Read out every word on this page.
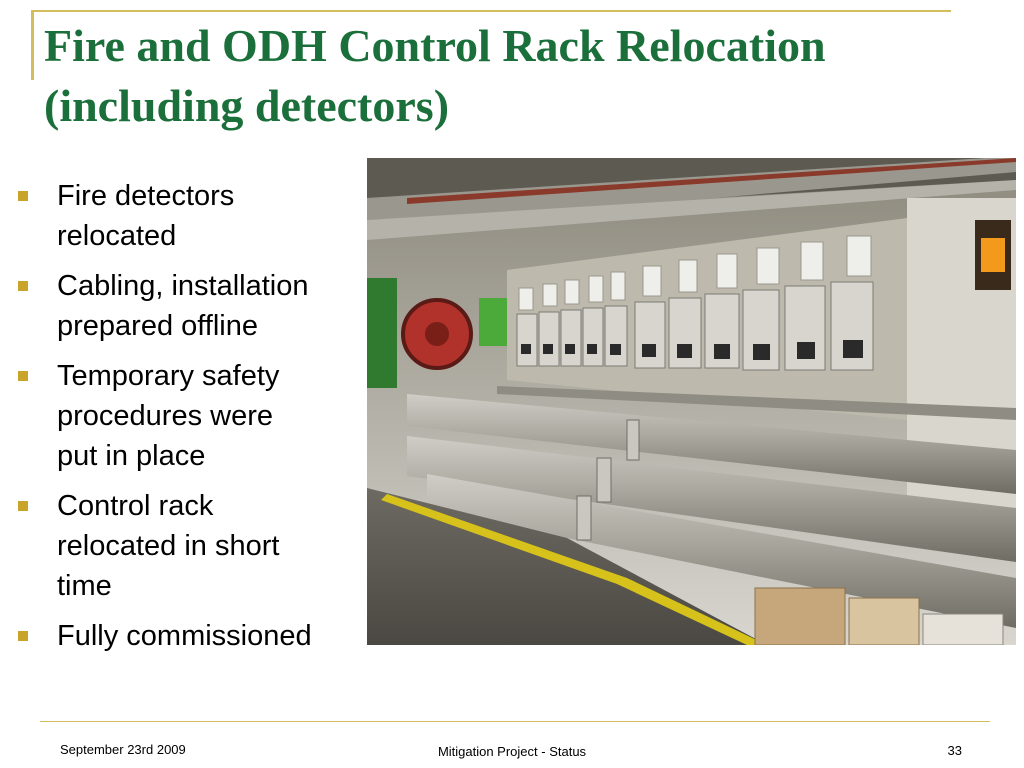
Fire and ODH Control Rack Relocation
(including detectors)
Fire detectors
relocated
Cabling, installation
prepared offline
Temporary safety
procedures were
put in place
Control rack
relocated in short
time
Fully commissioned
September 23rd 2009	Mitigation Project - Status	33
